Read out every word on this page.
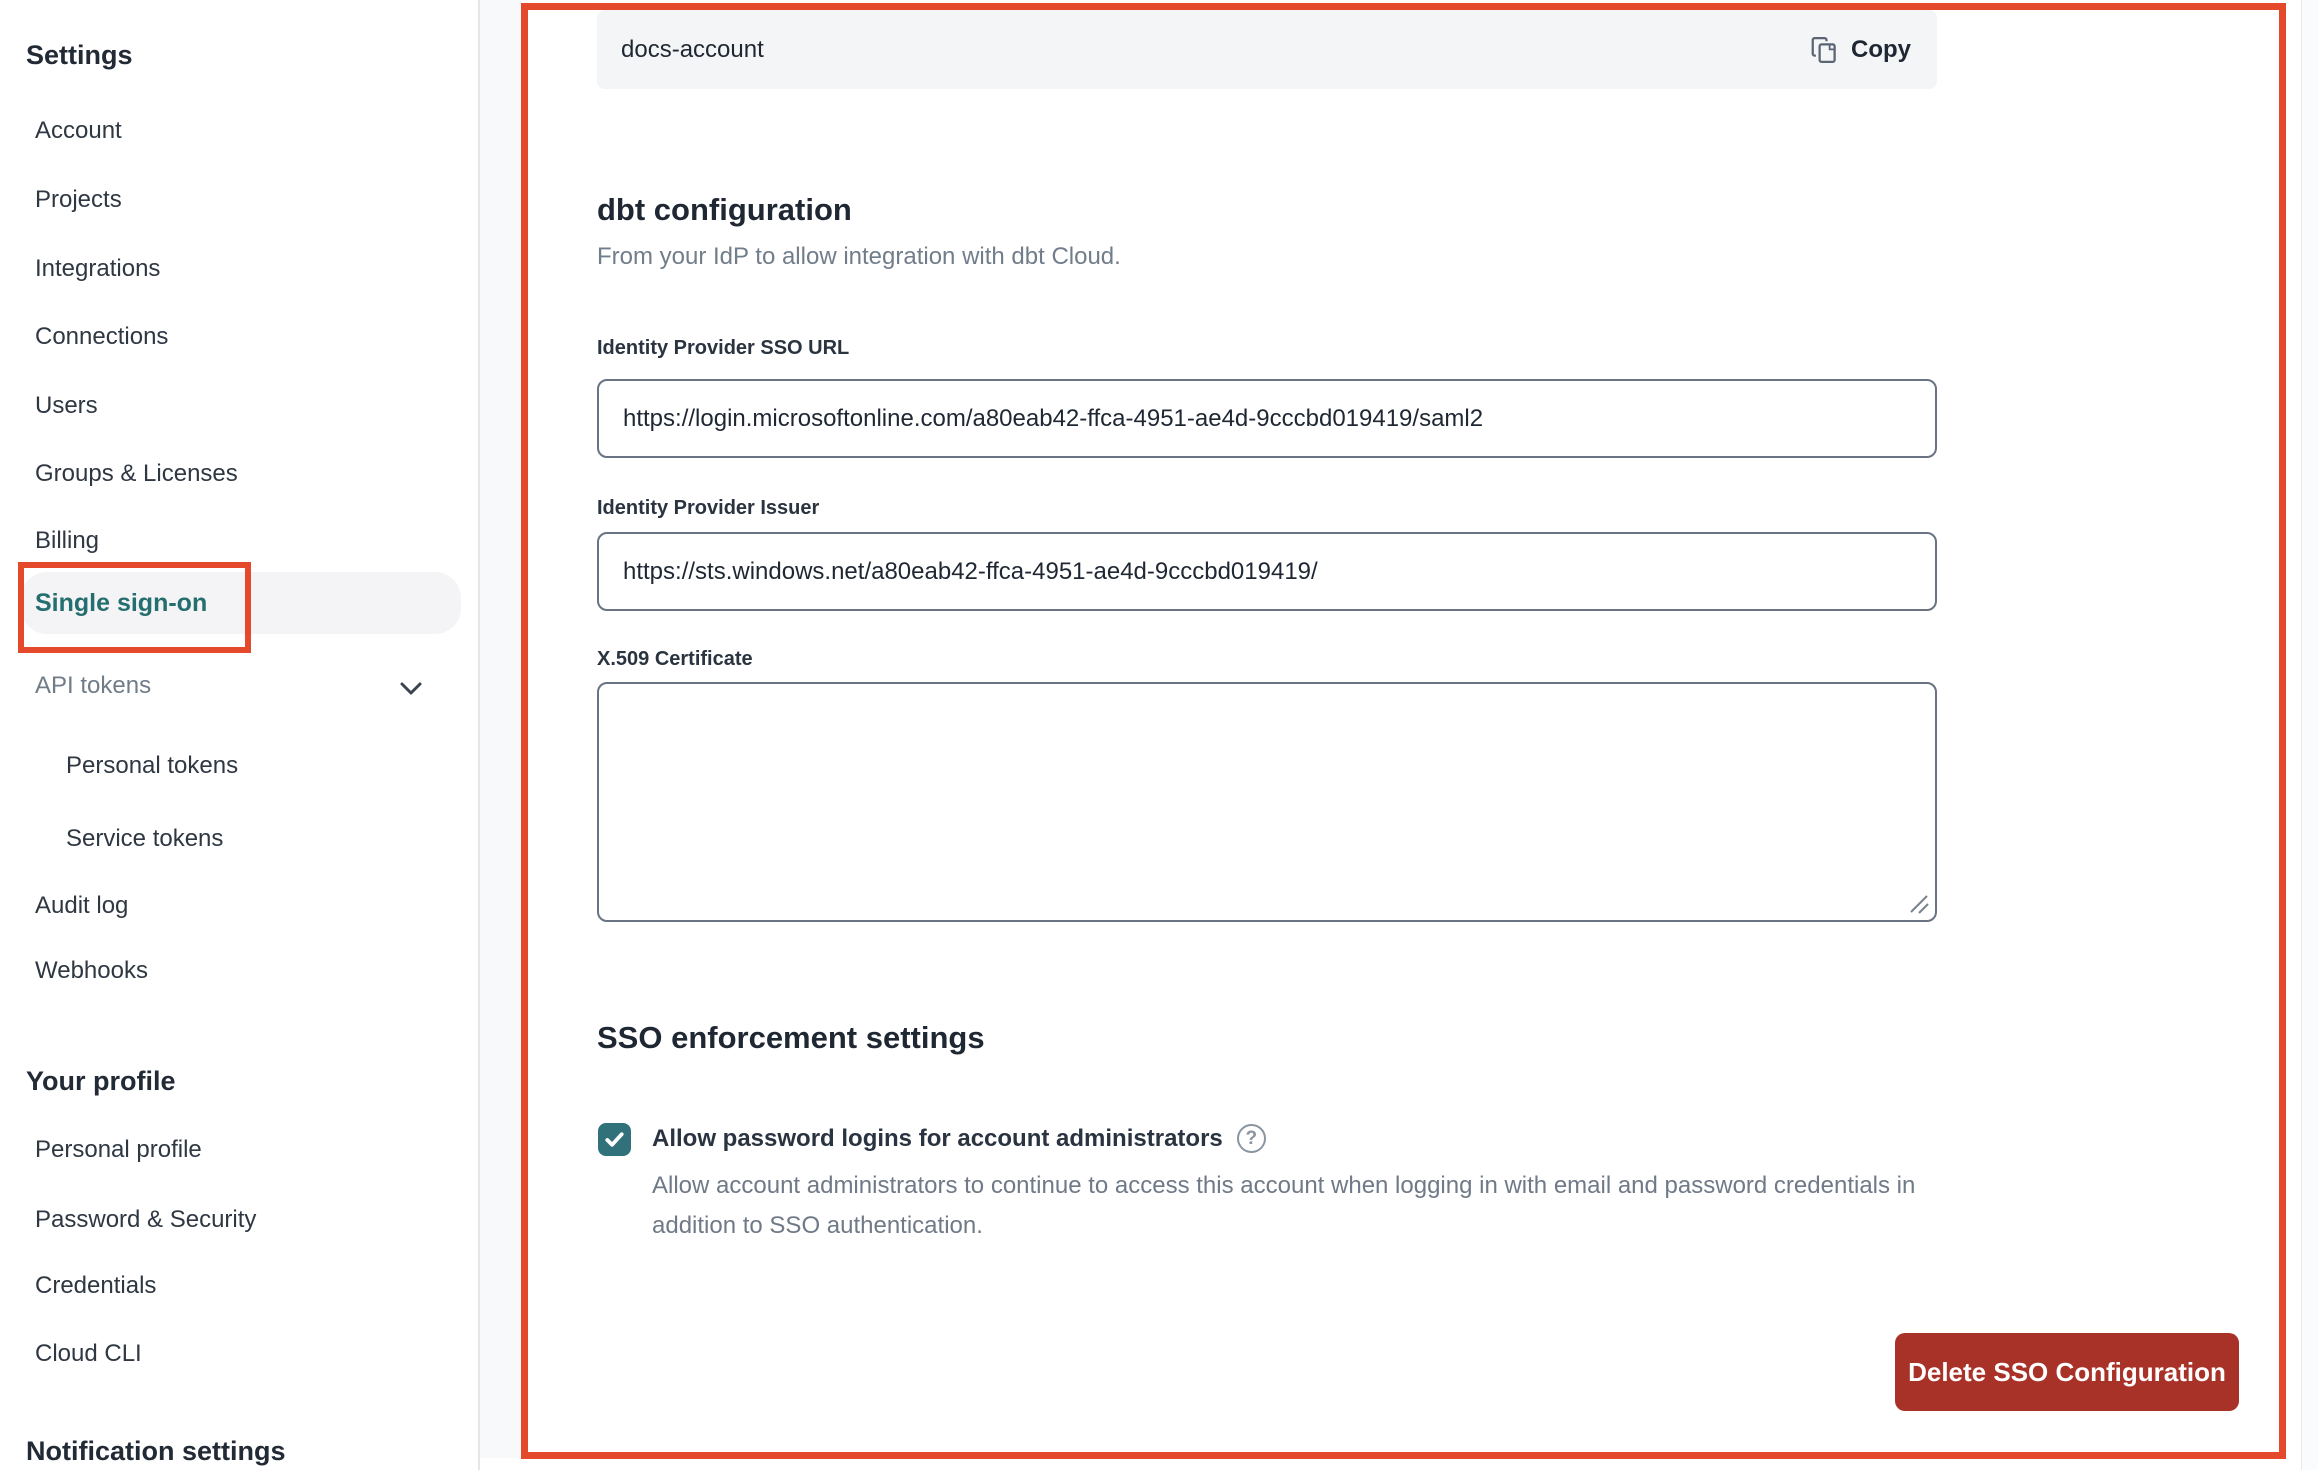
Settings
Account
Projects
Integrations
Connections
Users
Groups & Licenses
Billing
Single sign-on
API tokens
Personal tokens
Service tokens
Audit log
Webhooks
Your profile
Personal profile
Password & Security
Credentials
Cloud CLI
Notification settings
docs-account	Copy
dbt configuration
From your IdP to allow integration with dbt Cloud.
Identity Provider SSO URL
https://login.microsoftonline.com/a80eab42-ffca-4951-ae4d-9cccbd019419/saml2
Identity Provider Issuer
https://sts.windows.net/a80eab42-ffca-4951-ae4d-9cccbd019419/
X.509 Certificate
SSO enforcement settings
Allow password logins for account administrators	?
Allow account administrators to continue to access this account when logging in with email and password credentials in addition to SSO authentication.
Delete SSO Configuration
